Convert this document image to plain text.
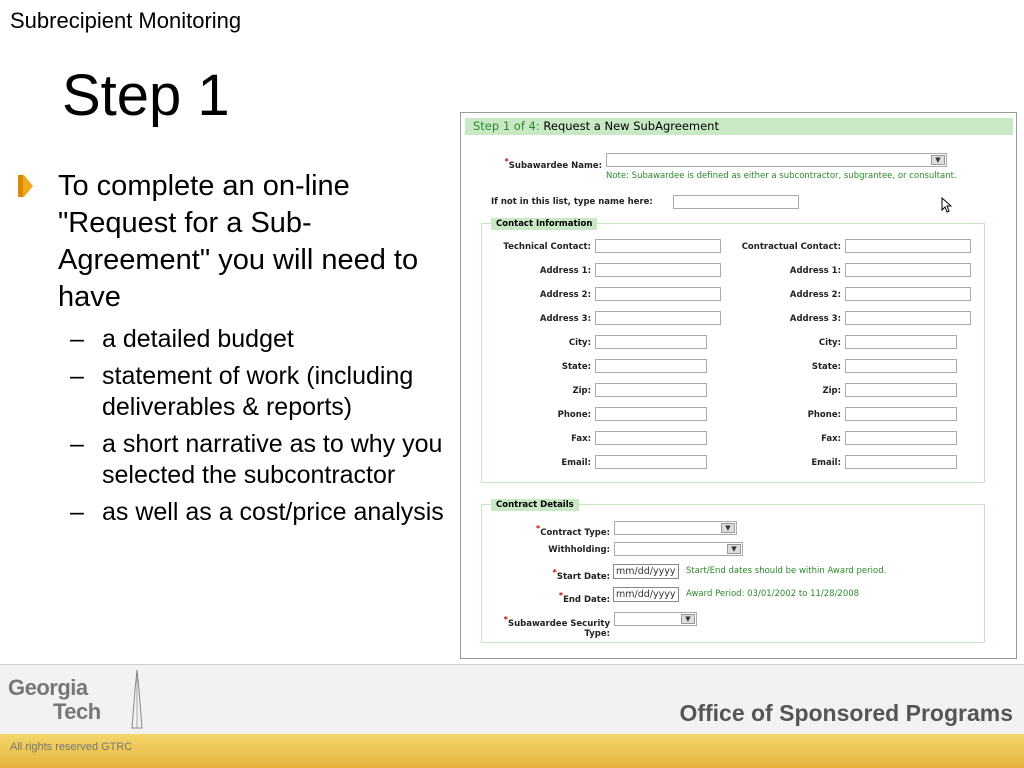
Subrecipient Monitoring
Step 1
To complete an on-line "Request for a Sub-Agreement" you will need to have
– a detailed budget
– statement of work (including deliverables & reports)
– a short narrative as to why you selected the subcontractor
– as well as a cost/price analysis
Step 1 of 4: Request a New SubAgreement
*Subawardee Name:
▼
Note: Subawardee is defined as either a subcontractor, subgrantee, or consultant.
If not in this list, type name here:
Contact Information
Technical Contact:	Contractual Contact:
Address 1:	Address 1:
Address 2:	Address 2:
Address 3:	Address 3:
City:	City:
State:	State:
Zip:	Zip:
Phone:	Phone:
Fax:	Fax:
Email:	Email:
Contract Details
*Contract Type:	▼
Withholding:	▼
*Start Date: mm/dd/yyyy	Start/End dates should be within Award period.
*End Date: mm/dd/yyyy	Award Period: 03/01/2002 to 11/28/2008
*Subawardee Security
Type:
▼
Georgia
Tech	Office of Sponsored Programs
All rights reserved GTRC
